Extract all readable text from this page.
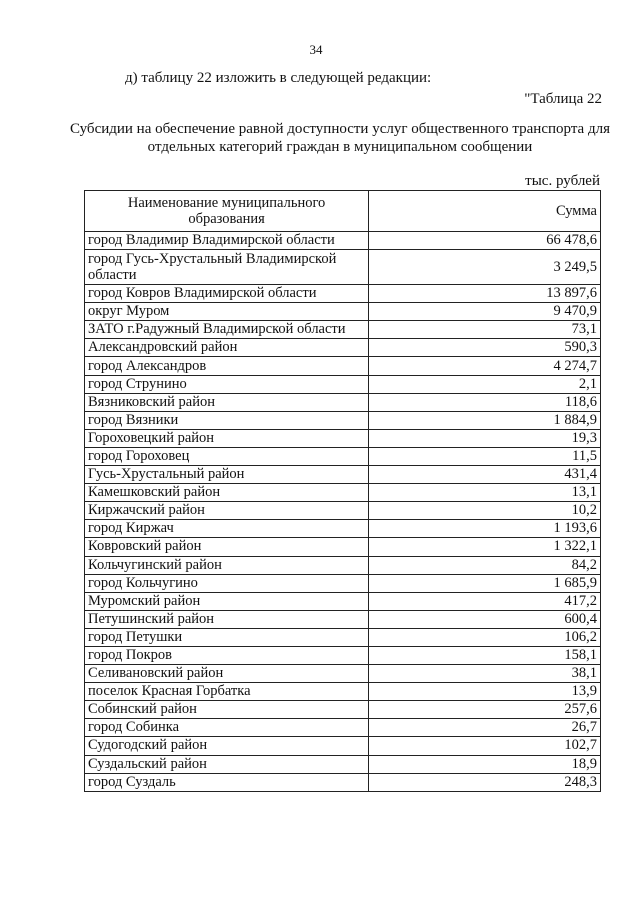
34
д) таблицу 22 изложить в следующей редакции:
"Таблица 22
Субсидии на обеспечение равной доступности услуг общественного транспорта для отдельных категорий граждан в муниципальном сообщении
тыс. рублей
Наименование муниципального образования	Сумма
город Владимир Владимирской области	66 478,6
город Гусь-Хрустальный Владимирской области	3 249,5
город Ковров Владимирской области	13 897,6
округ Муром	9 470,9
ЗАТО г.Радужный Владимирской области	73,1
Александровский район	590,3
город Александров	4 274,7
город Струнино	2,1
Вязниковский район	118,6
город Вязники	1 884,9
Гороховецкий район	19,3
город Гороховец	11,5
Гусь-Хрустальный район	431,4
Камешковский район	13,1
Киржачский район	10,2
город Киржач	1 193,6
Ковровский район	1 322,1
Кольчугинский район	84,2
город Кольчугино	1 685,9
Муромский район	417,2
Петушинский район	600,4
город Петушки	106,2
город Покров	158,1
Селивановский район	38,1
поселок Красная Горбатка	13,9
Собинский район	257,6
город Собинка	26,7
Судогодский район	102,7
Суздальский район	18,9
город Суздаль	248,3
